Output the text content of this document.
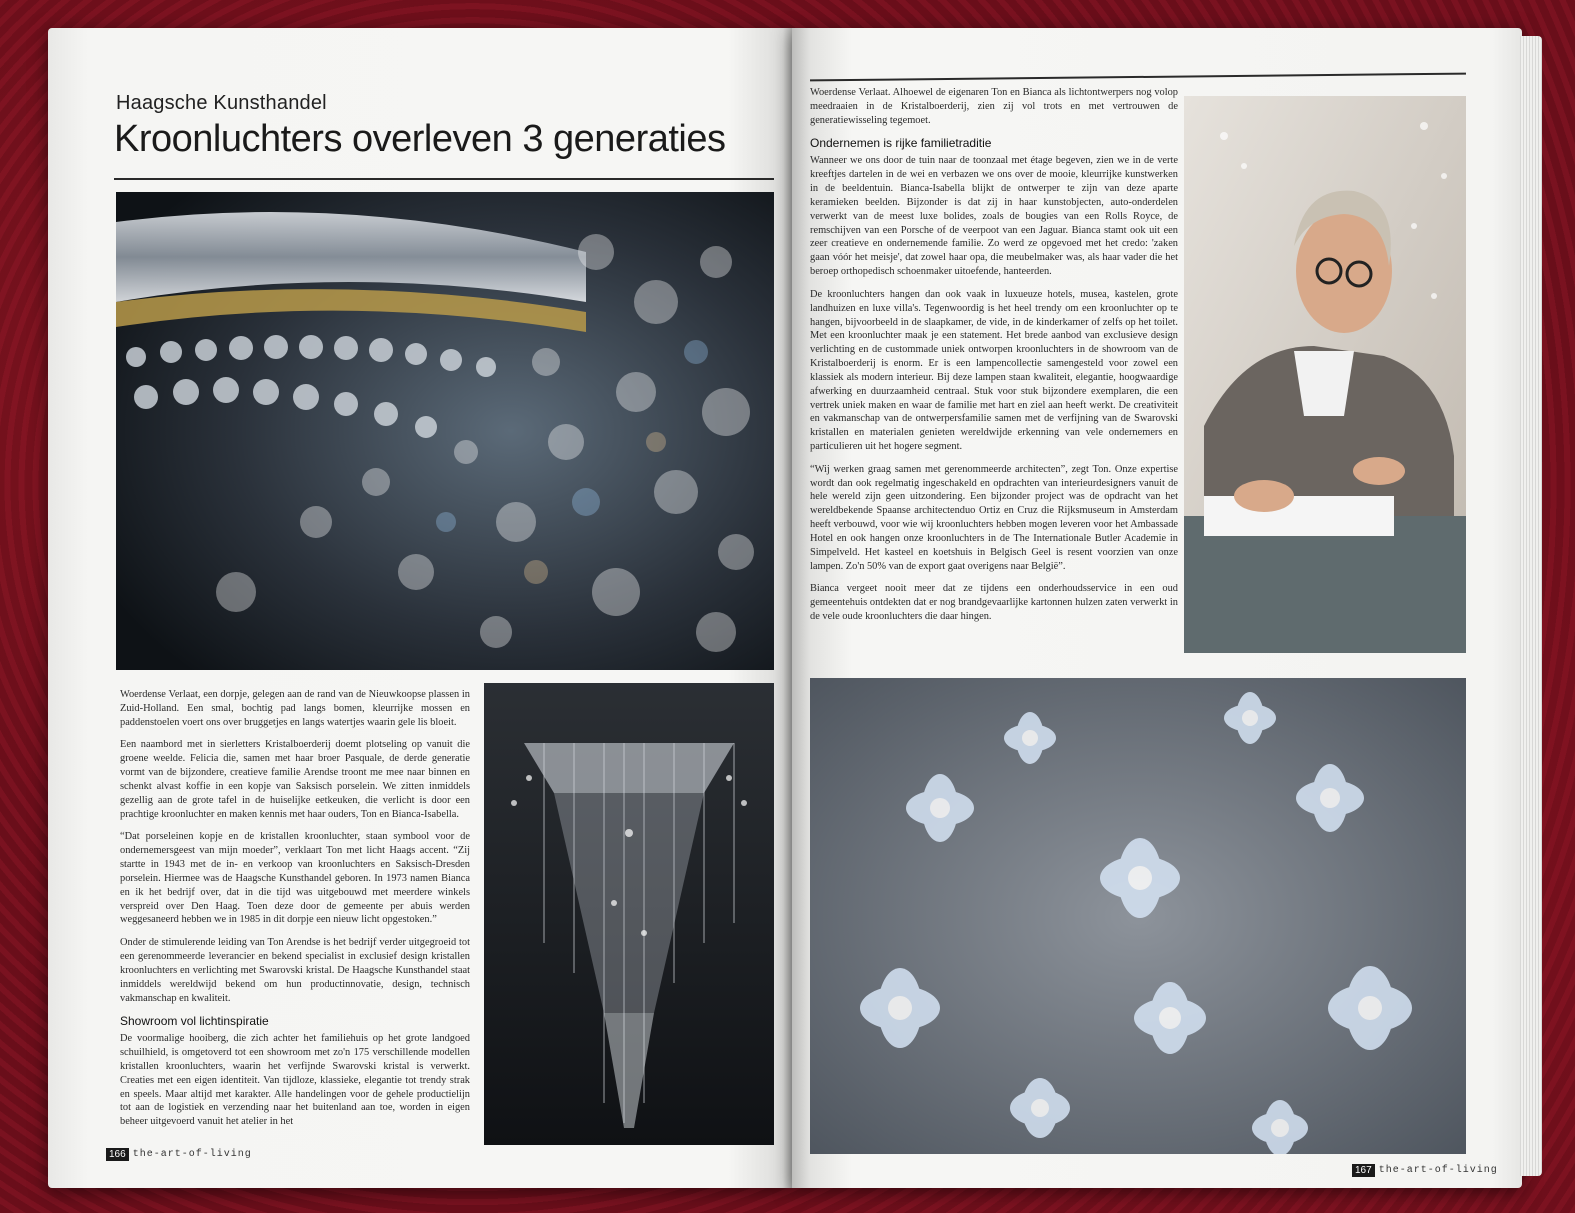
Haagsche Kunsthandel
Kroonluchters overleven 3 generaties

Woerdense Verlaat, een dorpje, gelegen aan de rand van de Nieuwkoopse plassen in Zuid-Holland. Een smal, bochtig pad langs bomen, kleurrijke mossen en paddenstoelen voert ons over bruggetjes en langs watertjes waarin gele lis bloeit.

Een naambord met in sierletters Kristalboerderij doemt plotseling op vanuit die groene weelde. Felicia die, samen met haar broer Pasquale, de derde generatie vormt van de bijzondere, creatieve familie Arendse troont me mee naar binnen en schenkt alvast koffie in een kopje van Saksisch porselein. We zitten inmiddels gezellig aan de grote tafel in de huiselijke eetkeuken, die verlicht is door een prachtige kroonluchter en maken kennis met haar ouders, Ton en Bianca-Isabella.

“Dat porseleinen kopje en de kristallen kroonluchter, staan symbool voor de ondernemersgeest van mijn moeder”, verklaart Ton met licht Haags accent. “Zij startte in 1943 met de in- en verkoop van kroonluchters en Saksisch-Dresden porselein. Hiermee was de Haagsche Kunsthandel geboren. In 1973 namen Bianca en ik het bedrijf over, dat in die tijd was uitgebouwd met meerdere winkels verspreid over Den Haag. Toen deze door de gemeente per abuis werden weggesaneerd hebben we in 1985 in dit dorpje een nieuw licht opgestoken.”

Onder de stimulerende leiding van Ton Arendse is het bedrijf verder uitgegroeid tot een gerenommeerde leverancier en bekend specialist in exclusief design kristallen kroonluchters en verlichting met Swarovski kristal. De Haagsche Kunsthandel staat inmiddels wereldwijd bekend om hun productinnovatie, design, technisch vakmanschap en kwaliteit.

Showroom vol lichtinspiratie

De voormalige hooiberg, die zich achter het familiehuis op het grote landgoed schuilhield, is omgetoverd tot een showroom met zo'n 175 verschillende modellen kristallen kroonluchters, waarin het verfijnde Swarovski kristal is verwerkt. Creaties met een eigen identiteit. Van tijdloze, klassieke, elegantie tot trendy strak en speels. Maar altijd met karakter. Alle handelingen voor de gehele productielijn tot aan de logistiek en verzending naar het buitenland aan toe, worden in eigen beheer uitgevoerd vanuit het atelier in het

166 the-art-of-living

Woerdense Verlaat. Alhoewel de eigenaren Ton en Bianca als lichtontwerpers nog volop meedraaien in de Kristalboerderij, zien zij vol trots en met vertrouwen de generatiewisseling tegemoet.

Ondernemen is rijke familietraditie

Wanneer we ons door de tuin naar de toonzaal met étage begeven, zien we in de verte kreeftjes dartelen in de wei en verbazen we ons over de mooie, kleurrijke kunstwerken in de beeldentuin. Bianca-Isabella blijkt de ontwerper te zijn van deze aparte keramieken beelden. Bijzonder is dat zij in haar kunstobjecten, auto-onderdelen verwerkt van de meest luxe bolides, zoals de bougies van een Rolls Royce, de remschijven van een Porsche of de veerpoot van een Jaguar. Bianca stamt ook uit een zeer creatieve en ondernemende familie. Zo werd ze opgevoed met het credo: 'zaken gaan vóór het meisje', dat zowel haar opa, die meubelmaker was, als haar vader die het beroep orthopedisch schoenmaker uitoefende, hanteerden.

De kroonluchters hangen dan ook vaak in luxueuze hotels, musea, kastelen, grote landhuizen en luxe villa's. Tegenwoordig is het heel trendy om een kroonluchter op te hangen, bijvoorbeeld in de slaapkamer, de vide, in de kinderkamer of zelfs op het toilet. Met een kroonluchter maak je een statement. Het brede aanbod van exclusieve design verlichting en de custommade uniek ontworpen kroonluchters in de showroom van de Kristalboerderij is enorm. Er is een lampencollectie samengesteld voor zowel een klassiek als modern interieur. Bij deze lampen staan kwaliteit, elegantie, hoogwaardige afwerking en duurzaamheid centraal. Stuk voor stuk bijzondere exemplaren, die een vertrek uniek maken en waar de familie met hart en ziel aan heeft werkt. De creativiteit en vakmanschap van de ontwerpersfamilie samen met de verfijning van de Swarovski kristallen en materialen genieten wereldwijde erkenning van vele ondernemers en particulieren uit het hogere segment.

“Wij werken graag samen met gerenommeerde architecten”, zegt Ton. Onze expertise wordt dan ook regelmatig ingeschakeld en opdrachten van interieurdesigners vanuit de hele wereld zijn geen uitzondering. Een bijzonder project was de opdracht van het wereldbekende Spaanse architectenduo Ortiz en Cruz die Rijksmuseum in Amsterdam heeft verbouwd, voor wie wij kroonluchters hebben mogen leveren voor het Ambassade Hotel en ook hangen onze kroonluchters in de The Internationale Butler Academie in Simpelveld. Het kasteel en koetshuis in Belgisch Geel is resent voorzien van onze lampen. Zo'n 50% van de export gaat overigens naar België”.

Bianca vergeet nooit meer dat ze tijdens een onderhoudsservice in een oud gemeentehuis ontdekten dat er nog brandgevaarlijke kartonnen hulzen zaten verwerkt in de vele oude kroonluchters die daar hingen.

167 the-art-of-living
